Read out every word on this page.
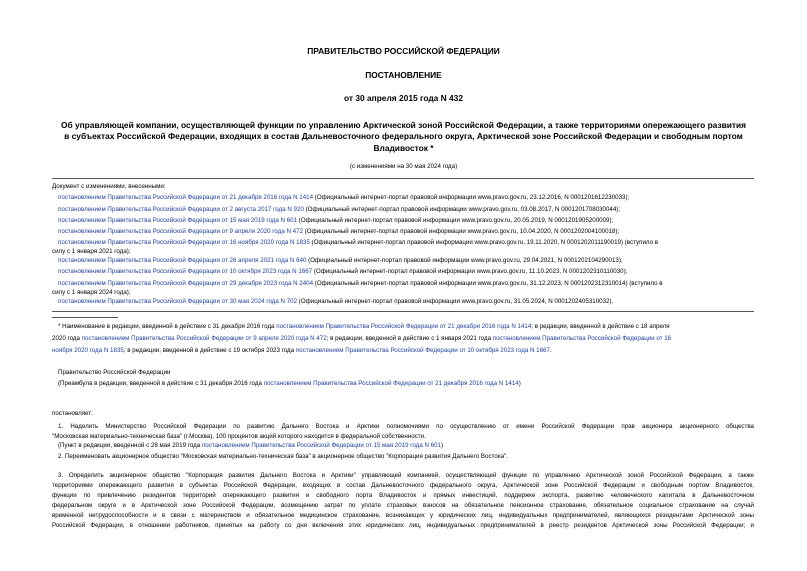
ПРАВИТЕЛЬСТВО РОССИЙСКОЙ ФЕДЕРАЦИИ
ПОСТАНОВЛЕНИЕ
от 30 апреля 2015 года N 432
Об управляющей компании, осуществляющей функции по управлению Арктической зоной Российской Федерации, а также территориями опережающего развития
в субъектах Российской Федерации, входящих в состав Дальневосточного федерального округа, Арктической зоне Российской Федерации и свободным портом
Владивосток *
(с изменениями на 30 мая 2024 года)
Документ с изменениями, внесенными:
постановлением Правительства Российской Федерации от 21 декабря 2016 года N 1414 (Официальный интернет-портал правовой информации www.pravo.gov.ru, 23.12.2016, N 0001201612230033);
постановлением Правительства Российской Федерации от 2 августа 2017 года N 920 (Официальный интернет-портал правовой информации www.pravo.gov.ru, 03.08.2017, N 0001201708030044);
постановлением Правительства Российской Федерации от 15 мая 2019 года N 601 (Официальный интернет-портал правовой информации www.pravo.gov.ru, 20.05.2019, N 0001201905200009);
постановлением Правительства Российской Федерации от 9 апреля 2020 года N 472 (Официальный интернет-портал правовой информации www.pravo.gov.ru, 10.04.2020, N 0001202004100018);
постановлением Правительства Российской Федерации от 16 ноября 2020 года N 1835 (Официальный интернет-портал правовой информации www.pravo.gov.ru, 19.11.2020, N 0001202011190019) (вступило в
силу с 1 января 2021 года);
постановлением Правительства Российской Федерации от 26 апреля 2021 года N 640 (Официальный интернет-портал правовой информации www.pravo.gov.ru, 29.04.2021, N 0001202104290013);
постановлением Правительства Российской Федерации от 10 октября 2023 года N 1667 (Официальный интернет-портал правовой информации www.pravo.gov.ru, 11.10.2023, N 0001202310110030);
постановлением Правительства Российской Федерации от 29 декабря 2023 года N 2404 (Официальный интернет-портал правовой информации www.pravo.gov.ru, 31.12.2023, N 0001202312310014) (вступило в
силу с 1 января 2024 года);
постановлением Правительства Российской Федерации от 30 мая 2024 года N 702 (Официальный интернет-портал правовой информации www.pravo.gov.ru, 31.05.2024, N 0001202405310032).
* Наименование в редакции, введенной в действие с 31 декабря 2016 года постановлением Правительства Российской Федерации от 21 декабря 2016 года N 1414; в редакции, введенной в действие с 18 апреля
2020 года постановлением Правительства Российской Федерации от 9 апреля 2020 года N 472; в редакции, введенной в действие с 1 января 2021 года постановлением Правительства Российской Федерации от 16
ноября 2020 года N 1835; в редакции, введенной в действие с 19 октября 2023 года постановлением Правительства Российской Федерации от 10 октября 2023 года N 1667.
Правительство Российской Федерации
(Преамбула в редакции, введенной в действие с 31 декабря 2016 года постановлением Правительства Российской Федерации от 21 декабря 2016 года N 1414)
постановляет:
1. Наделить Министерство Российской Федерации по развитию Дальнего Востока и Арктики полномочиями по осуществлению от имени Российской Федерации прав акционера акционерного общества
"Московская материально-техническая база" (г.Москва), 100 процентов акций которого находится в федеральной собственности.
(Пункт в редакции, введенной с 28 мая 2019 года постановлением Правительства Российской Федерации от 15 мая 2019 года N 601)
2. Переименовать акционерное общество "Московская материально-техническая база" в акционерное общество "Корпорация развития Дальнего Востока".
3. Определить акционерное общество "Корпорация развития Дальнего Востока и Арктики" управляющей компанией, осуществляющей функции по управлению Арктической зоной Российской Федерации, а также
территориями опережающего развития в субъектах Российской Федерации, входящих в состав Дальневосточного федерального округа, Арктической зоне Российской Федерации и свободным портом Владивосток,
функции по привлечению резидентов территорий опережающего развития и свободного порта Владивосток и прямых инвестиций, поддержке экспорта, развитию человеческого капитала в Дальневосточном
федеральном округе и в Арктической зоне Российской Федерации, возмещению затрат по уплате страховых взносов на обязательное пенсионное страхование, обязательное социальное страхование на случай
временной нетрудоспособности и в связи с материнством и обязательное медицинское страхование, возникающих у юридических лиц, индивидуальных предпринимателей, являющихся резидентами Арктической зоны
Российской Федерации, в отношении работников, принятых на работу со дня включения этих юридических лиц, индивидуальных предпринимателей в реестр резидентов Арктической зоны Российской Федерации; и
